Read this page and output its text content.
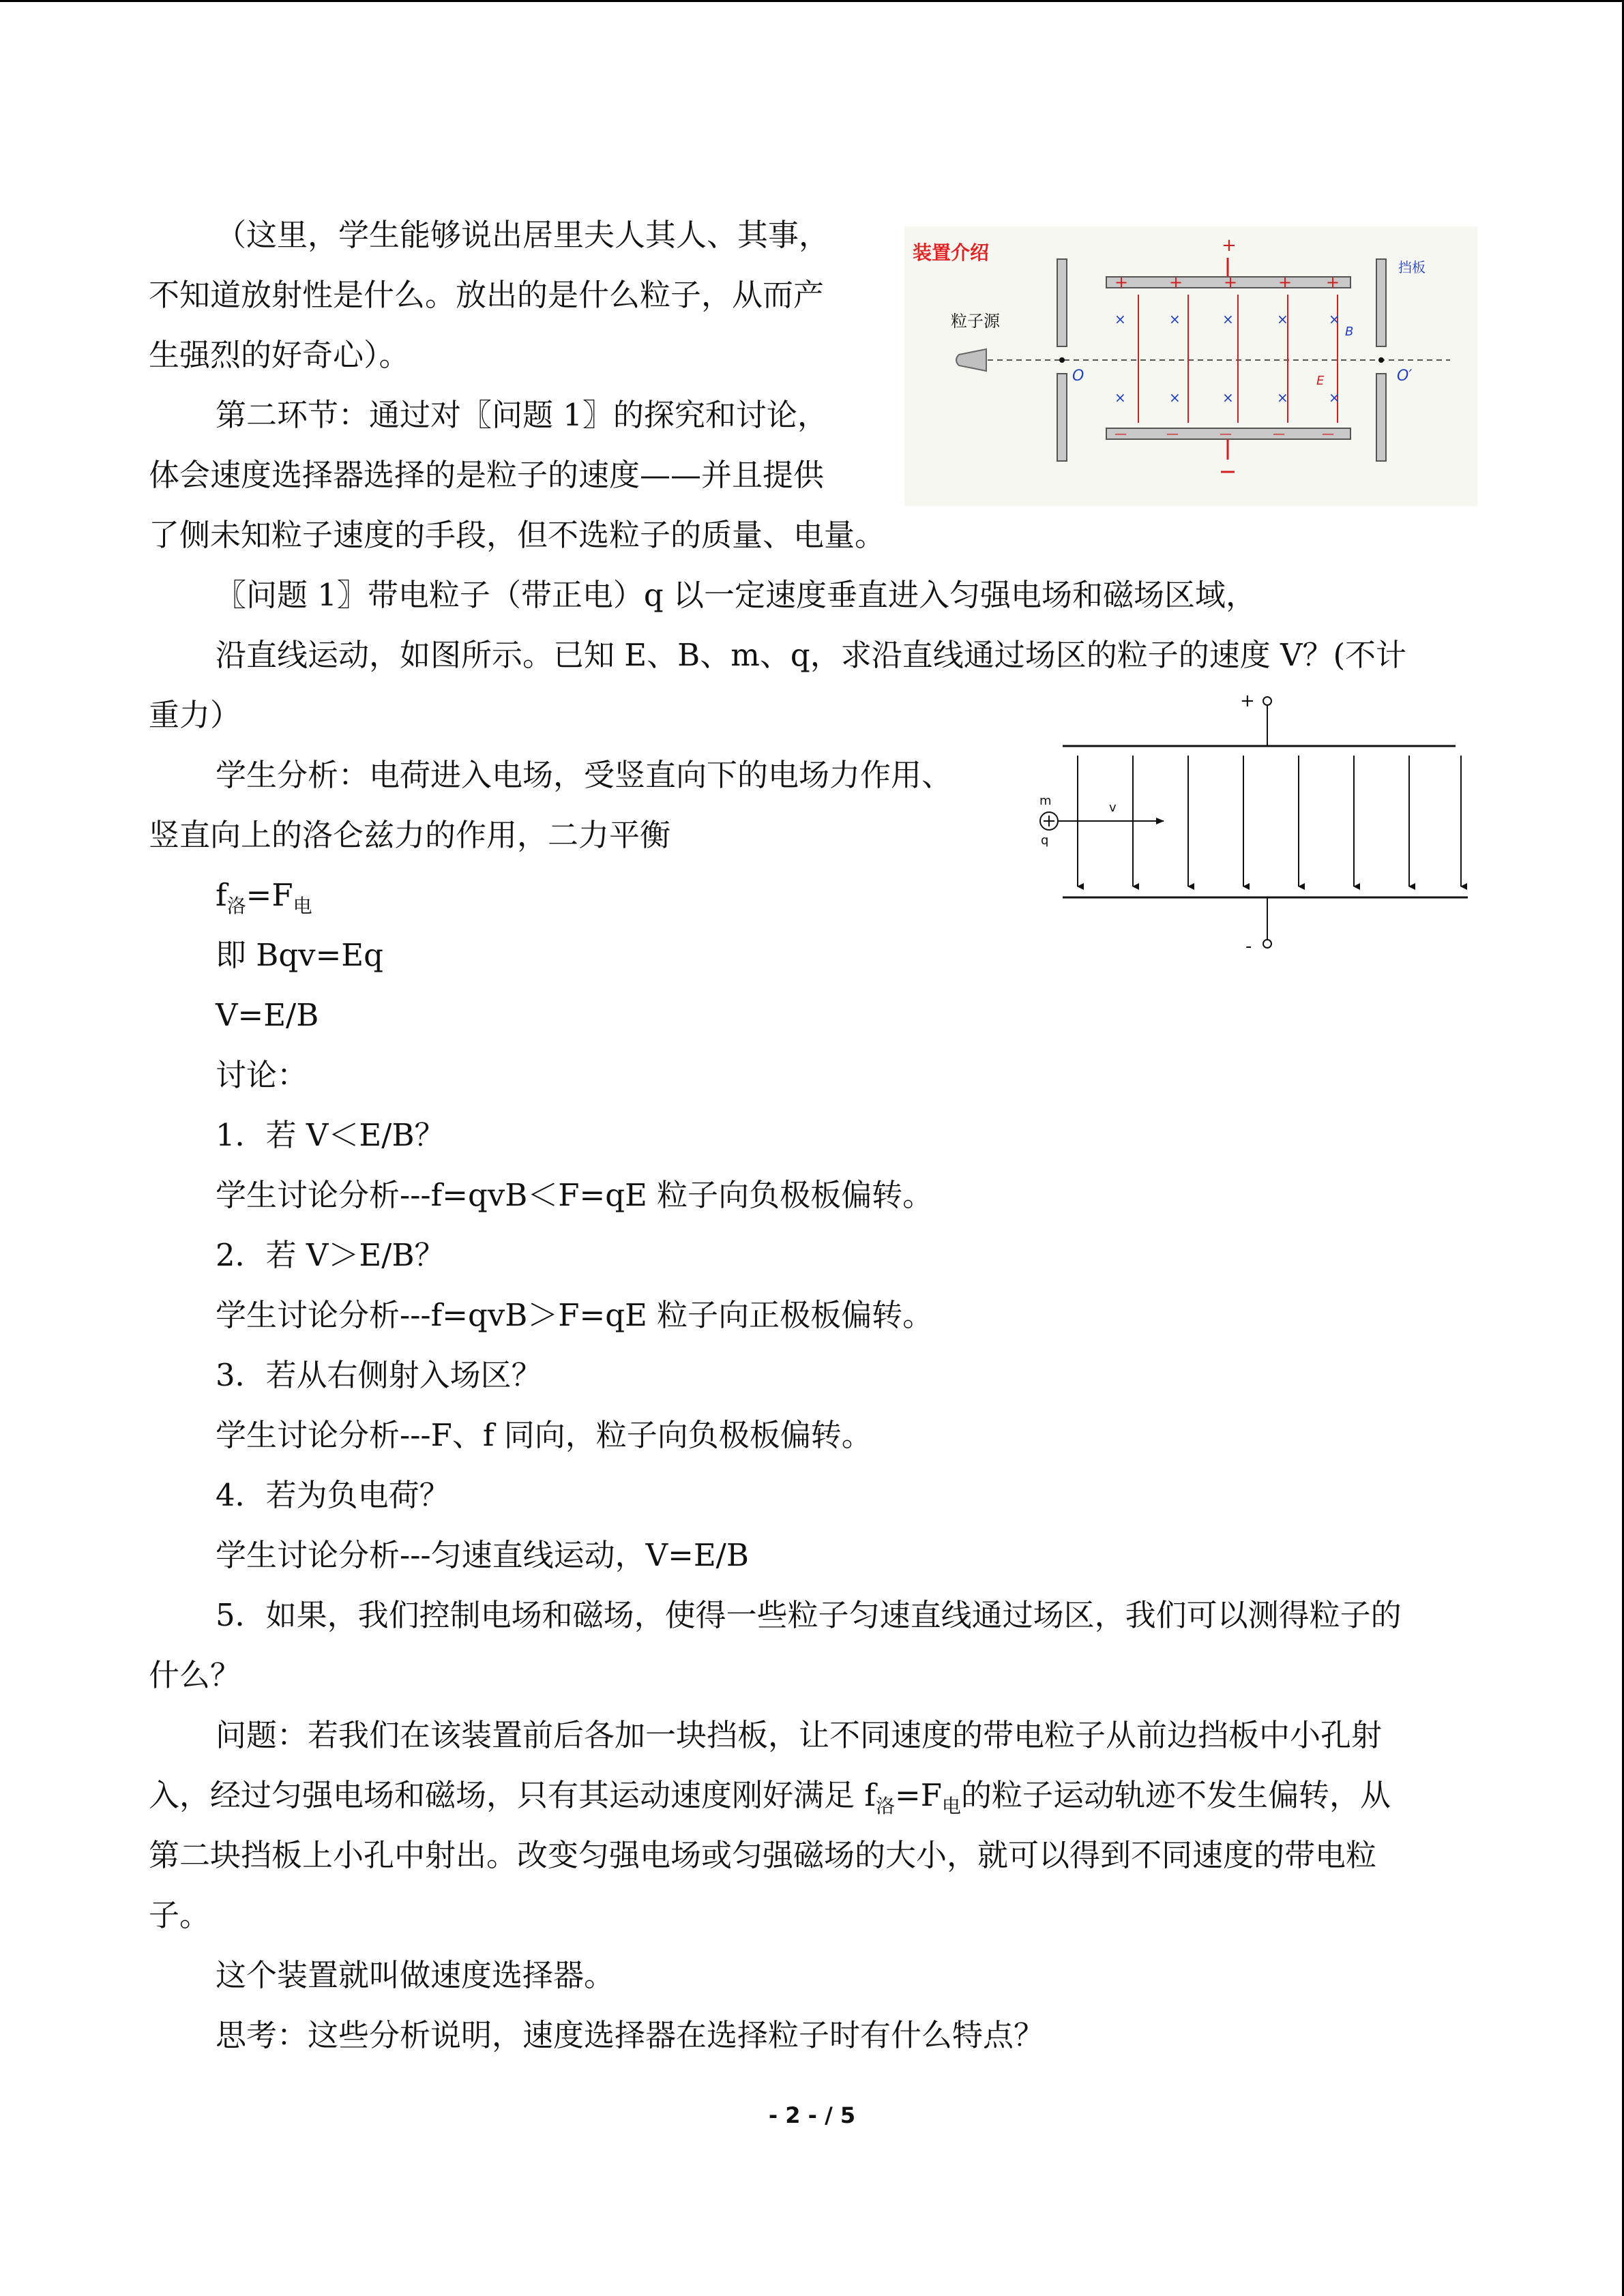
（这里，学生能够说出居里夫人其人、其事，
不知道放射性是什么。放出的是什么粒子，从而产
生强烈的好奇心）。
第二环节：通过对〖问题 1〗的探究和讨论，
体会速度选择器选择的是粒子的速度——并且提供
了侧未知粒子速度的手段，但不选粒子的质量、电量。
〖问题 1〗带电粒子（带正电）q 以一定速度垂直进入匀强电场和磁场区域，
沿直线运动，如图所示。已知 E、B、m、q，求沿直线通过场区的粒子的速度 V？(不计
重力）
学生分析：电荷进入电场，受竖直向下的电场力作用、
竖直向上的洛仑兹力的作用，二力平衡
$f_洛=F_电$
即 Bqv=Eq
V=E/B
讨论：
1．若 V＜E/B？
学生讨论分析---f=qvB＜F=qE 粒子向负极板偏转。
2．若 V＞E/B？
学生讨论分析---f=qvB＞F=qE 粒子向正极板偏转。
3．若从右侧射入场区？
学生讨论分析---F、f 同向，粒子向负极板偏转。
4．若为负电荷？
学生讨论分析---匀速直线运动，V=E/B
5．如果，我们控制电场和磁场，使得一些粒子匀速直线通过场区，我们可以测得粒子的
什么？
问题：若我们在该装置前后各加一块挡板，让不同速度的带电粒子从前边挡板中小孔射
入，经过匀强电场和磁场，只有其运动速度刚好满足 $f_洛=F_电$的粒子运动轨迹不发生偏转，从
第二块挡板上小孔中射出。改变匀强电场或匀强磁场的大小，就可以得到不同速度的带电粒
子。
这个装置就叫做速度选择器。
思考：这些分析说明，速度选择器在选择粒子时有什么特点？
- 2 - / 5
装置介绍
粒子源
挡板
O	O′
+
+ + + + +
—	—	—	—	—
×	×	×	×	×
×	×	×	×	×
B
E
+
-
m
q
v
